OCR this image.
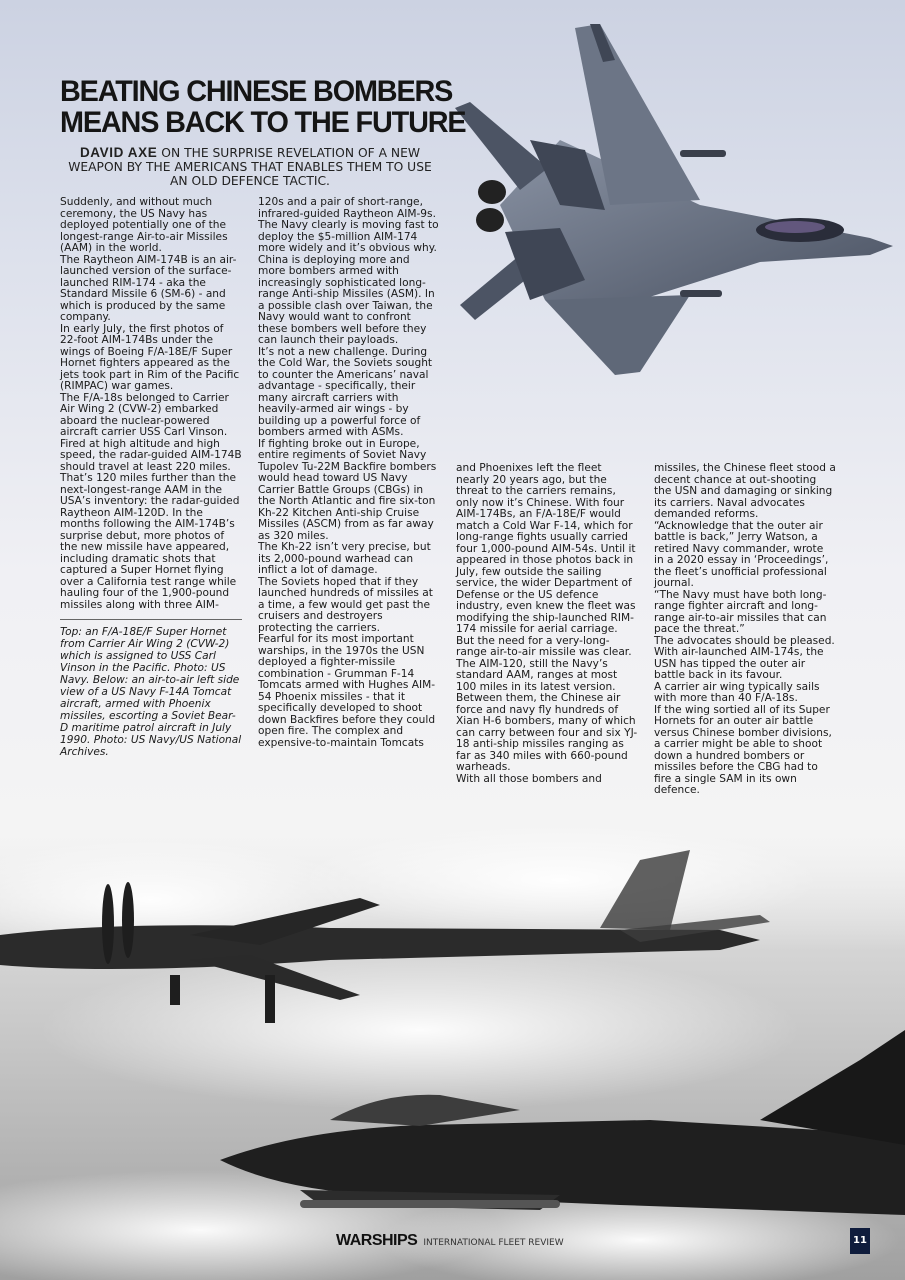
BEATING CHINESE BOMBERS
MEANS BACK TO THE FUTURE

DAVID AXE ON THE SURPRISE REVELATION OF A NEW WEAPON BY THE AMERICANS THAT ENABLES THEM TO USE AN OLD DEFENCE TACTIC.

Suddenly, and without much ceremony, the US Navy has deployed potentially one of the longest-range Air-to-air Missiles (AAM) in the world.

The Raytheon AIM-174B is an air-launched version of the surface-launched RIM-174 - aka the Standard Missile 6 (SM-6) - and which is produced by the same company.

In early July, the first photos of 22-foot AIM-174Bs under the wings of Boeing F/A-18E/F Super Hornet fighters appeared as the jets took part in Rim of the Pacific (RIMPAC) war games.

The F/A-18s belonged to Carrier Air Wing 2 (CVW-2) embarked aboard the nuclear-powered aircraft carrier USS Carl Vinson. Fired at high altitude and high speed, the radar-guided AIM-174B should travel at least 220 miles. That’s 120 miles further than the next-longest-range AAM in the USA’s inventory: the radar-guided Raytheon AIM-120D. In the months following the AIM-174B’s surprise debut, more photos of the new missile have appeared, including dramatic shots that captured a Super Hornet flying over a California test range while hauling four of the 1,900-pound missiles along with three AIM-

Top: an F/A-18E/F Super Hornet from Carrier Air Wing 2 (CVW-2) which is assigned to USS Carl Vinson in the Pacific. Photo: US Navy. Below: an air-to-air left side view of a US Navy F-14A Tomcat aircraft, armed with Phoenix missiles, escorting a Soviet Bear-D maritime patrol aircraft in July 1990. Photo: US Navy/US National Archives.

120s and a pair of short-range, infrared-guided Raytheon AIM-9s. The Navy clearly is moving fast to deploy the $5-million AIM-174 more widely and it’s obvious why.

China is deploying more and more bombers armed with increasingly sophisticated long-range Anti-ship Missiles (ASM). In a possible clash over Taiwan, the Navy would want to confront these bombers well before they can launch their payloads.

It’s not a new challenge. During the Cold War, the Soviets sought to counter the Americans’ naval advantage - specifically, their many aircraft carriers with heavily-armed air wings - by building up a powerful force of bombers armed with ASMs.

If fighting broke out in Europe, entire regiments of Soviet Navy Tupolev Tu-22M Backfire bombers would head toward US Navy Carrier Battle Groups (CBGs) in the North Atlantic and fire six-ton Kh-22 Kitchen Anti-ship Cruise Missiles (ASCM) from as far away as 320 miles.

The Kh-22 isn’t very precise, but its 2,000-pound warhead can inflict a lot of damage.

The Soviets hoped that if they launched hundreds of missiles at a time, a few would get past the cruisers and destroyers protecting the carriers.

Fearful for its most important warships, in the 1970s the USN deployed a fighter-missile combination - Grumman F-14 Tomcats armed with Hughes AIM-54 Phoenix missiles - that it specifically developed to shoot down Backfires before they could open fire. The complex and expensive-to-maintain Tomcats

and Phoenixes left the fleet nearly 20 years ago, but the threat to the carriers remains, only now it’s Chinese. With four AIM-174Bs, an F/A-18E/F would match a Cold War F-14, which for long-range fights usually carried four 1,000-pound AIM-54s. Until it appeared in those photos back in July, few outside the sailing service, the wider Department of Defense or the US defence industry, even knew the fleet was modifying the ship-launched RIM-174 missile for aerial carriage.

But the need for a very-long-range air-to-air missile was clear. The AIM-120, still the Navy’s standard AAM, ranges at most 100 miles in its latest version.

Between them, the Chinese air force and navy fly hundreds of Xian H-6 bombers, many of which can carry between four and six YJ-18 anti-ship missiles ranging as far as 340 miles with 660-pound warheads.

With all those bombers and

missiles, the Chinese fleet stood a decent chance at out-shooting the USN and damaging or sinking its carriers. Naval advocates demanded reforms.

“Acknowledge that the outer air battle is back,” Jerry Watson, a retired Navy commander, wrote in a 2020 essay in ‘Proceedings’, the fleet’s unofficial professional journal.

“The Navy must have both long-range fighter aircraft and long-range air-to-air missiles that can pace the threat.”

The advocates should be pleased. With air-launched AIM-174s, the USN has tipped the outer air battle back in its favour.

A carrier air wing typically sails with more than 40 F/A-18s.

If the wing sortied all of its Super Hornets for an outer air battle versus Chinese bomber divisions, a carrier might be able to shoot down a hundred bombers or missiles before the CBG had to fire a single SAM in its own defence.

WARSHIPS INTERNATIONAL FLEET REVIEW	11
